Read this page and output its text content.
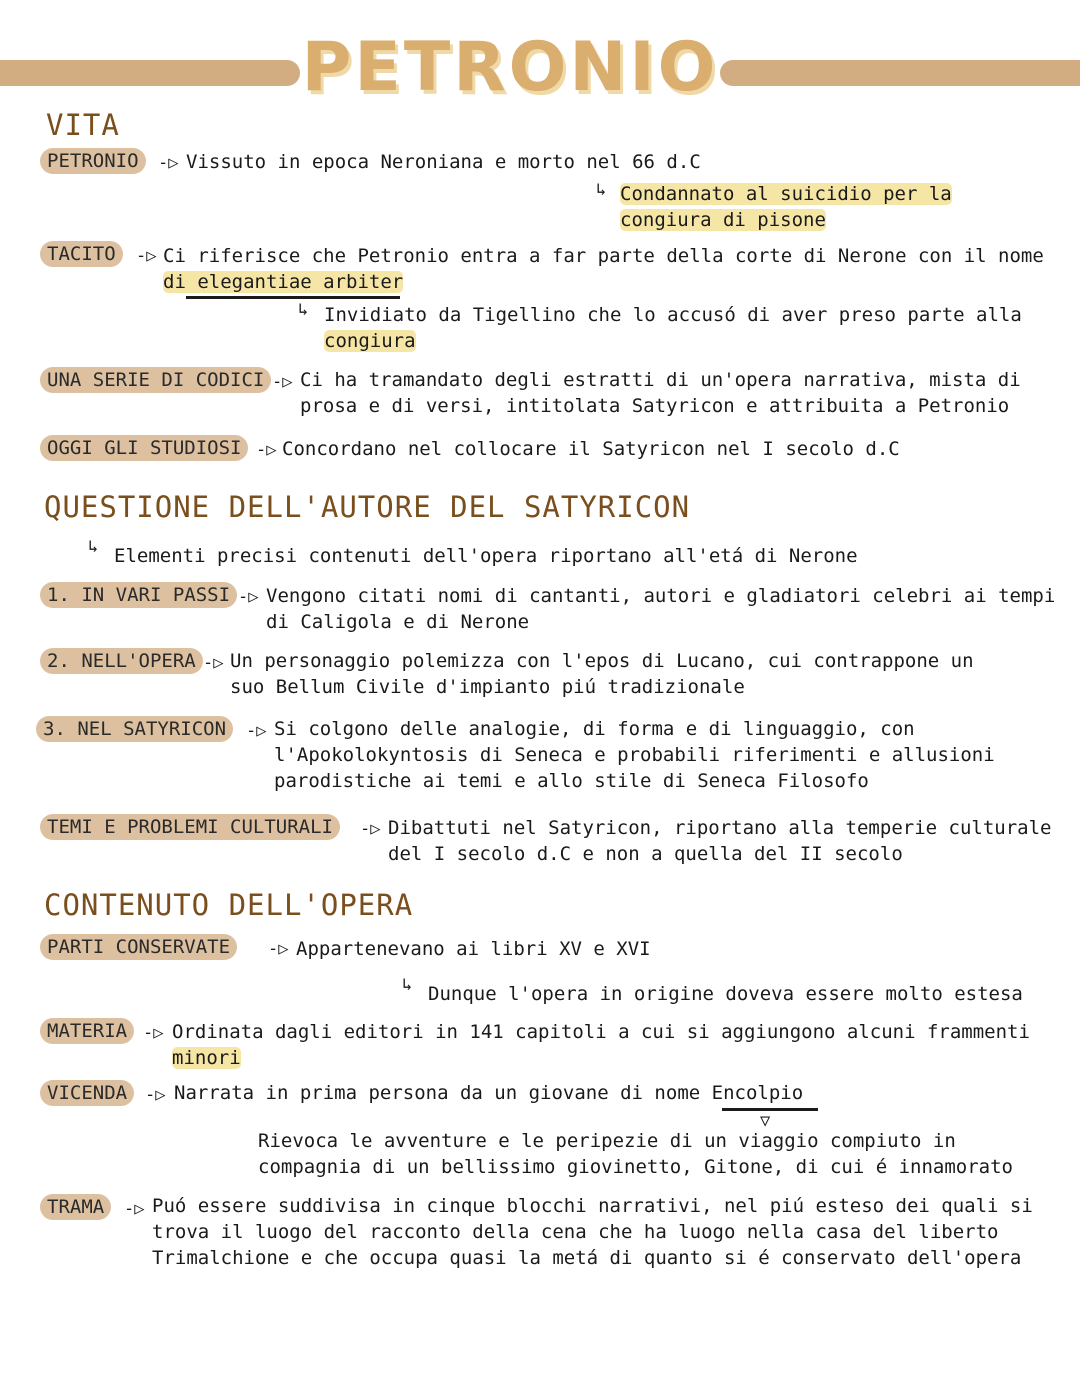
PETRONIO
VITA
PETRONIO	-▷ Vissuto in epoca Neroniana e morto nel 66 d.C
↳ Condannato al suicidio per la
congiura di pisone
TACITO	-▷ Ci riferisce che Petronio entra a far parte della corte di Nerone con il nome
di elegantiae arbiter
↳ Invidiato da Tigellino che lo accusó di aver preso parte alla
congiura
UNA SERIE DI CODICI -▷ Ci ha tramandato degli estratti di un'opera narrativa, mista di
prosa e di versi, intitolata Satyricon e attribuita a Petronio
OGGI GLI STUDIOSI -▷ Concordano nel collocare il Satyricon nel I secolo d.C
QUESTIONE DELL'AUTORE DEL SATYRICON
↳ Elementi precisi contenuti dell'opera riportano all'etá di Nerone
1. IN VARI PASSI -▷ Vengono citati nomi di cantanti, autori e gladiatori celebri ai tempi
di Caligola e di Nerone
2. NELL'OPERA -▷ Un personaggio polemizza con l'epos di Lucano, cui contrappone un
suo Bellum Civile d'impianto piú tradizionale
3. NEL SATYRICON	-▷ Si colgono delle analogie, di forma e di linguaggio, con
l'Apokolokyntosis di Seneca e probabili riferimenti e allusioni
parodistiche ai temi e allo stile di Seneca Filosofo
TEMI E PROBLEMI CULTURALI	-▷ Dibattuti nel Satyricon, riportano alla temperie culturale
del I secolo d.C e non a quella del II secolo
CONTENUTO DELL'OPERA
PARTI CONSERVATE	-▷ Appartenevano ai libri XV e XVI
↳ Dunque l'opera in origine doveva essere molto estesa
MATERIA -▷ Ordinata dagli editori in 141 capitoli a cui si aggiungono alcuni frammenti
minori
VICENDA	-▷ Narrata in prima persona da un giovane di nome Encolpio
▽
Rievoca le avventure e le peripezie di un viaggio compiuto in
compagnia di un bellissimo giovinetto, Gitone, di cui é innamorato
TRAMA	-▷ Puó essere suddivisa in cinque blocchi narrativi, nel piú esteso dei quali si
trova il luogo del racconto della cena che ha luogo nella casa del liberto
Trimalchione e che occupa quasi la metá di quanto si é conservato dell'opera
